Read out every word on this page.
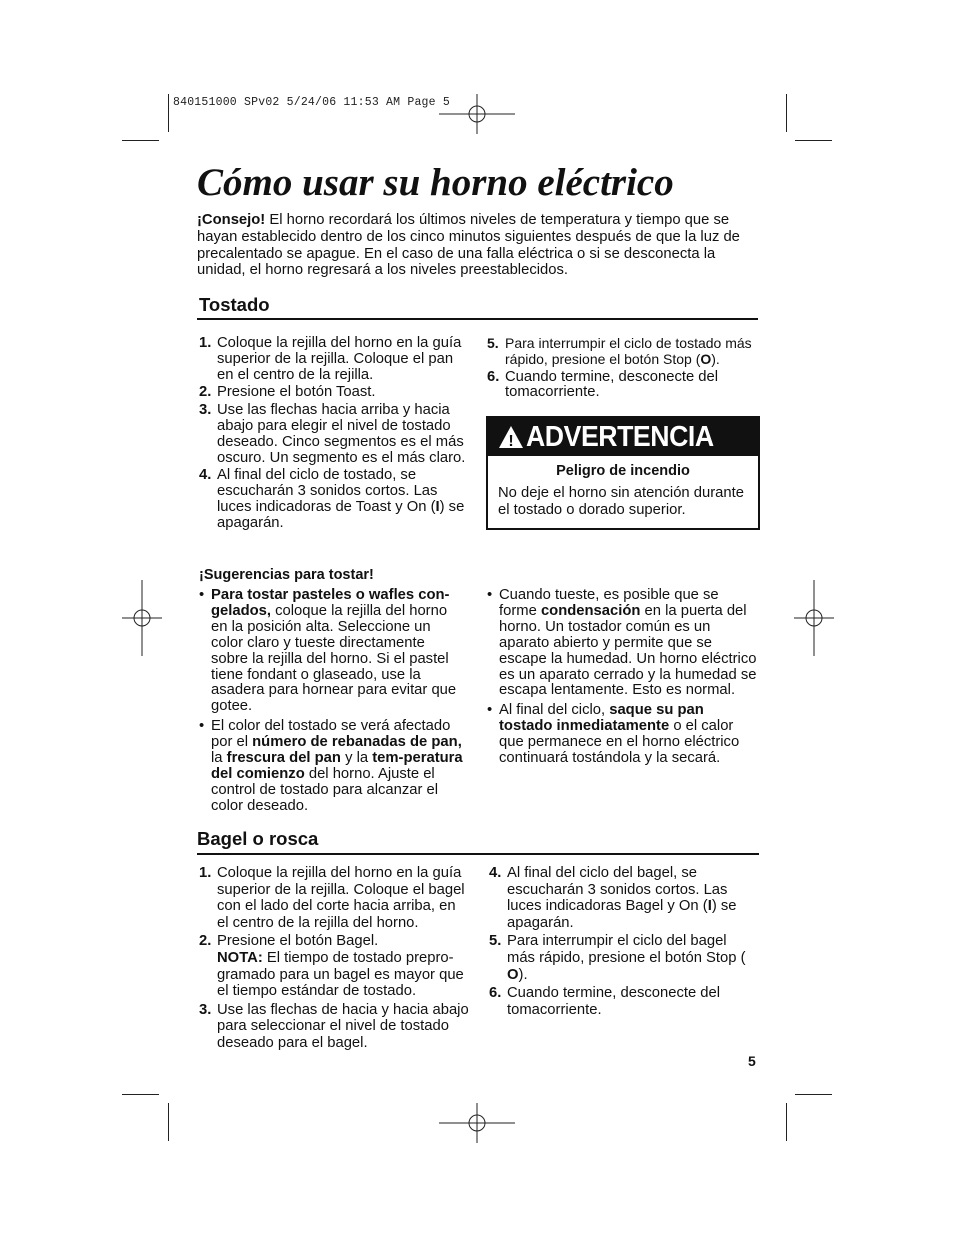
840151000 SPv02 5/24/06 11:53 AM Page 5
Cómo usar su horno eléctrico
¡Consejo! El horno recordará los últimos niveles de temperatura y tiempo que se hayan establecido dentro de los cinco minutos siguientes después de que la luz de precalentado se apague. En el caso de una falla eléctrica o si se desconecta la unidad, el horno regresará a los niveles preestablecidos.
Tostado
1. Coloque la rejilla del horno en la guía superior de la rejilla. Coloque el pan en el centro de la rejilla.
2. Presione el botón Toast.
3. Use las flechas hacia arriba y hacia abajo para elegir el nivel de tostado deseado. Cinco segmentos es el más oscuro. Un segmento es el más claro.
4. Al final del ciclo de tostado, se escucharán 3 sonidos cortos. Las luces indicadoras de Toast y On (I) se apagarán.
5. Para interrumpir el ciclo de tostado más rápido, presione el botón Stop (O).
6. Cuando termine, desconecte del tomacorriente.
! ADVERTENCIA
Peligro de incendio
No deje el horno sin atención durante el tostado o dorado superior.
¡Sugerencias para tostar!
• Para tostar pasteles o wafles con-gelados, coloque la rejilla del horno en la posición alta. Seleccione un color claro y tueste directamente sobre la rejilla del horno. Si el pastel tiene fondant o glaseado, use la asadera para hornear para evitar que gotee.
• El color del tostado se verá afectado por el número de rebanadas de pan, la frescura del pan y la tem-peratura del comienzo del horno. Ajuste el control de tostado para alcanzar el color deseado.
• Cuando tueste, es posible que se forme condensación en la puerta del horno. Un tostador común es un aparato abierto y permite que se escape la humedad. Un horno eléctrico es un aparato cerrado y la humedad se escapa lentamente. Esto es normal.
• Al final del ciclo, saque su pan tostado inmediatamente o el calor que permanece en el horno eléctrico continuará tostándola y la secará.
Bagel o rosca
1. Coloque la rejilla del horno en la guía superior de la rejilla. Coloque el bagel con el lado del corte hacia arriba, en el centro de la rejilla del horno.
2. Presione el botón Bagel.
NOTA: El tiempo de tostado prepro-gramado para un bagel es mayor que el tiempo estándar de tostado.
3. Use las flechas de hacia y hacia abajo para seleccionar el nivel de tostado deseado para el bagel.
4. Al final del ciclo del bagel, se escucharán 3 sonidos cortos. Las luces indicadoras Bagel y On (I) se apagarán.
5. Para interrumpir el ciclo del bagel más rápido, presione el botón Stop ( O).
6. Cuando termine, desconecte del tomacorriente.
5
